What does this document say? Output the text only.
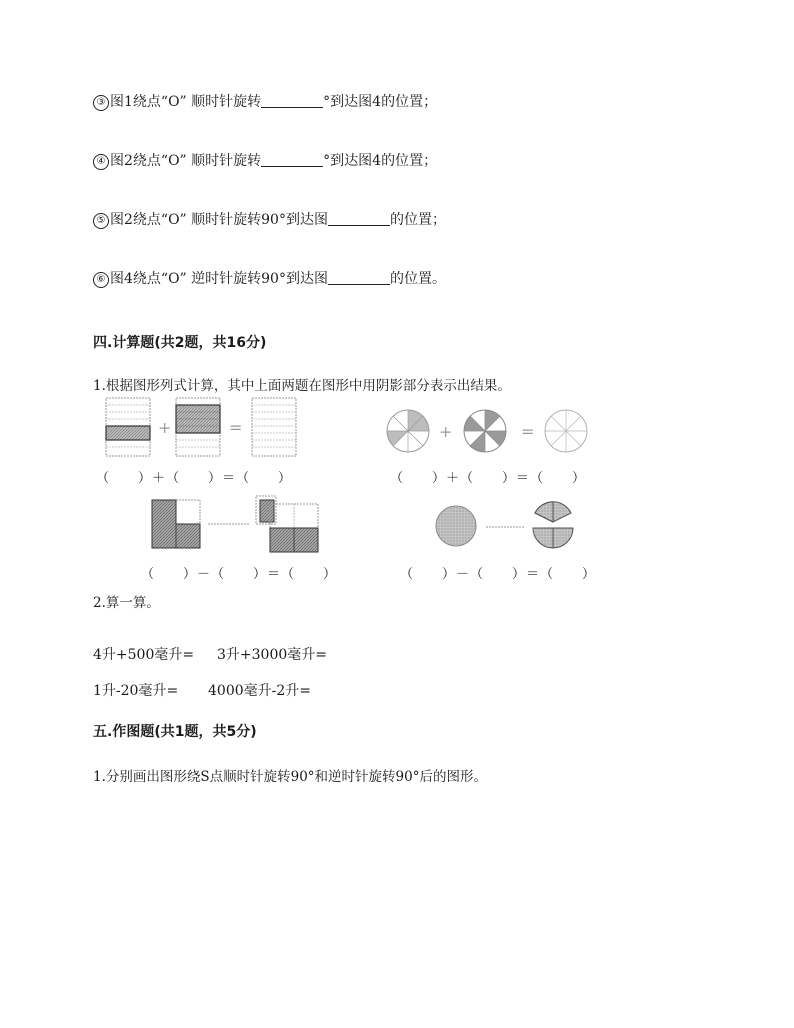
③ 图1绕点“O” 顺时针旋转	°到达图4的位置；
④ 图2绕点“O” 顺时针旋转	°到达图4的位置；
⑤ 图2绕点“O” 顺时针旋转90°到达图	的位置；
⑥ 图4绕点“O” 逆时针旋转90°到达图	的位置。
四.计算题(共2题，共16分)
1.根据图形列式计算，其中上面两题在图形中用阴影部分表示出结果。
+	=
（　　）＋（　　）＝（　　）
+	=
（　　）＋（　　）＝（　　）
（　　）－（　　）＝（　　）	（　　）－（　　）＝（　　）
2.算一算。
4升+500毫升= 3升+3000毫升=
1升-20毫升= 4000毫升-2升=
五.作图题(共1题，共5分)
1.分别画出图形绕S点顺时针旋转90°和逆时针旋转90°后的图形。
